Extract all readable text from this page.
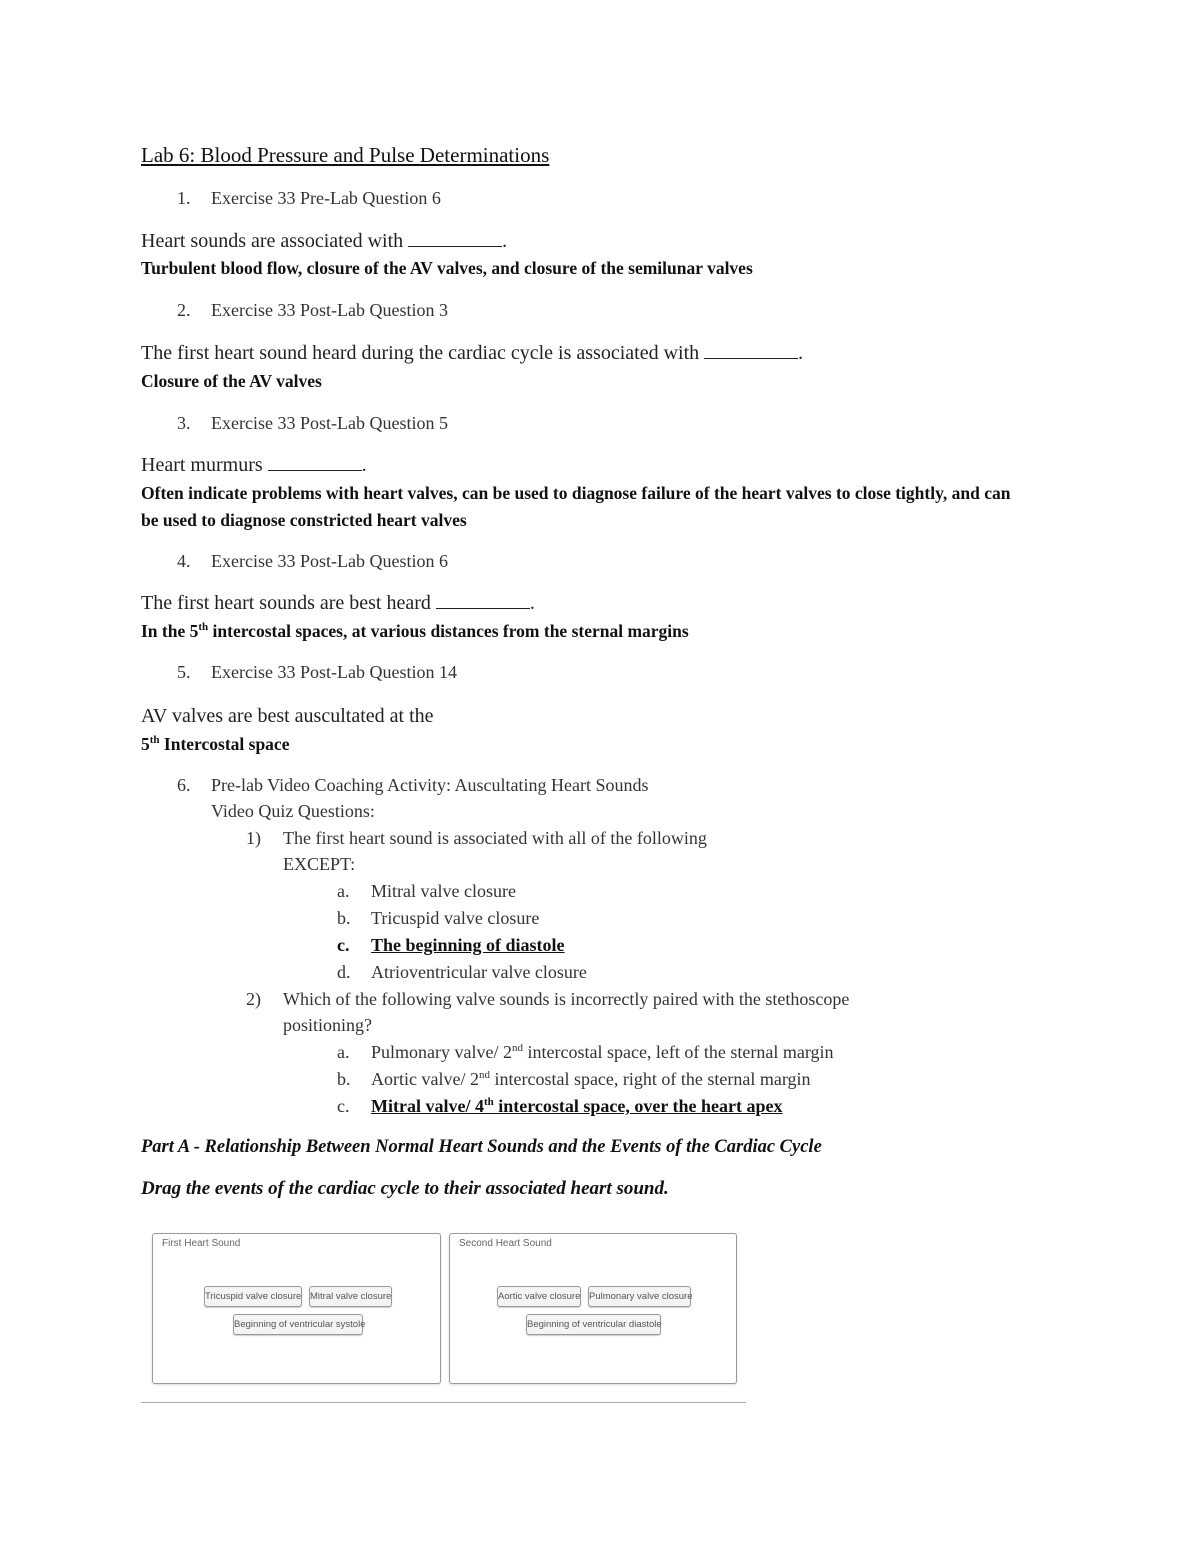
Lab 6: Blood Pressure and Pulse Determinations
1. Exercise 33 Pre-Lab Question 6
Heart sounds are associated with	.
Turbulent blood flow, closure of the AV valves, and closure of the semilunar valves
2. Exercise 33 Post-Lab Question 3
The first heart sound heard during the cardiac cycle is associated with	.
Closure of the AV valves
3. Exercise 33 Post-Lab Question 5
Heart murmurs	.
Often indicate problems with heart valves, can be used to diagnose failure of the heart valves to close tightly, and can be used to diagnose constricted heart valves
4. Exercise 33 Post-Lab Question 6
The first heart sounds are best heard	.
In the 5th intercostal spaces, at various distances from the sternal margins
5. Exercise 33 Post-Lab Question 14
AV valves are best auscultated at the
5th Intercostal space
6. Pre-lab Video Coaching Activity: Auscultating Heart Sounds
Video Quiz Questions:
1) The first heart sound is associated with all of the following
EXCEPT:
a. Mitral valve closure
b. Tricuspid valve closure
c. The beginning of diastole
d. Atrioventricular valve closure
2) Which of the following valve sounds is incorrectly paired with the stethoscope
positioning?
a. Pulmonary valve/ 2nd intercostal space, left of the sternal margin
b. Aortic valve/ 2nd intercostal space, right of the sternal margin
c. Mitral valve/ 4th intercostal space, over the heart apex
Part A - Relationship Between Normal Heart Sounds and the Events of the Cardiac Cycle
Drag the events of the cardiac cycle to their associated heart sound.
First Heart Sound
Tricuspid valve closure Mitral valve closure
Beginning of ventricular systole
Second Heart Sound
Aortic valve closure Pulmonary valve closure
Beginning of ventricular diastole
